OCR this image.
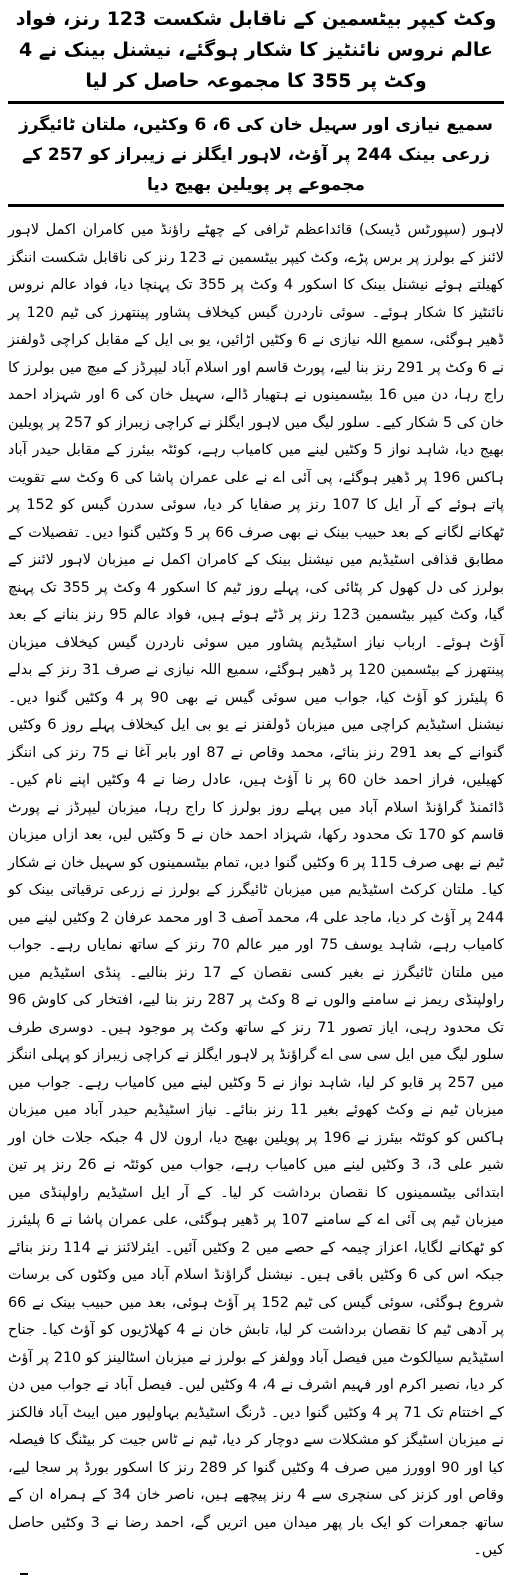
وکٹ کیپر بیٹسمین کے ناقابل شکست 123 رنز، فواد عالم نروس نائنٹیز کا شکار ہوگئے، نیشنل بینک نے 4 وکٹ پر 355 کا مجموعہ حاصل کر لیا
سمیع نیازی اور سہیل خان کی 6، 6 وکٹیں، ملتان ٹائیگرز زرعی بینک 244 پر آؤٹ، لاہور ایگلز نے زیبراز کو 257 کے مجموعے پر پویلین بھیج دیا

لاہور (سپورٹس ڈیسک) قائداعظم ٹرافی کے چھٹے راؤنڈ میں کامران اکمل لاہور لائنز کے بولرز پر برس پڑے، وکٹ کیپر بیٹسمین نے 123 رنز کی ناقابل شکست اننگز کھیلتے ہوئے نیشنل بینک کا اسکور 4 وکٹ پر 355 تک پہنچا دیا، فواد عالم نروس نائنٹیز کا شکار ہوئے۔ سوئی ناردرن گیس کیخلاف پشاور پینتھرز کی ٹیم 120 پر ڈھیر ہوگئی، سمیع اللہ نیازی نے 6 وکٹیں اڑائیں، یو بی ایل کے مقابل کراچی ڈولفنز نے 6 وکٹ پر 291 رنز بنا لیے، پورٹ قاسم اور اسلام آباد لیپرڈز کے میچ میں بولرز کا راج رہا، دن میں 16 بیٹسمینوں نے ہتھیار ڈالے، سہیل خان کی 6 اور شہزاد احمد خان کی 5 شکار کیے۔ سلور لیگ میں لاہور ایگلز نے کراچی زیبراز کو 257 پر پویلین بھیج دیا، شاہد نواز 5 وکٹیں لینے میں کامیاب رہے، کوئٹہ بیئرز کے مقابل حیدر آباد ہاکس 196 پر ڈھیر ہوگئے، پی آئی اے نے علی عمران پاشا کی 6 وکٹ سے تقویت پاتے ہوئے کے آر ایل کا 107 رنز پر صفایا کر دیا، سوئی سدرن گیس کو 152 پر ٹھکانے لگانے کے بعد حبیب بینک نے بھی صرف 66 پر 5 وکٹیں گنوا دیں۔ تفصیلات کے مطابق قذافی اسٹیڈیم میں نیشنل بینک کے کامران اکمل نے میزبان لاہور لائنز کے بولرز کی دل کھول کر پٹائی کی، پہلے روز ٹیم کا اسکور 4 وکٹ پر 355 تک پہنچ گیا، وکٹ کیپر بیٹسمین 123 رنز پر ڈٹے ہوئے ہیں، فواد عالم 95 رنز بنانے کے بعد آؤٹ ہوئے۔ ارباب نیاز اسٹیڈیم پشاور میں سوئی ناردرن گیس کیخلاف میزبان پینتھرز کے بیٹسمین 120 پر ڈھیر ہوگئے، سمیع اللہ نیازی نے صرف 31 رنز کے بدلے 6 پلیئرز کو آؤٹ کیا، جواب میں سوئی گیس نے بھی 90 پر 4 وکٹیں گنوا دیں۔ نیشنل اسٹیڈیم کراچی میں میزبان ڈولفنز نے یو بی ایل کیخلاف پہلے روز 6 وکٹیں گنوانے کے بعد 291 رنز بنائے، محمد وقاص نے 87 اور بابر آغا نے 75 رنز کی اننگز کھیلیں، فراز احمد خان 60 پر نا آؤٹ ہیں، عادل رضا نے 4 وکٹیں اپنے نام کیں۔ ڈائمنڈ گراؤنڈ اسلام آباد میں پہلے روز بولرز کا راج رہا، میزبان لیپرڈز نے پورٹ قاسم کو 170 تک محدود رکھا، شہزاد احمد خان نے 5 وکٹیں لیں، بعد ازاں میزبان ٹیم نے بھی صرف 115 پر 6 وکٹیں گنوا دیں، تمام بیٹسمینوں کو سہیل خان نے شکار کیا۔ ملتان کرکٹ اسٹیڈیم میں میزبان ٹائیگرز کے بولرز نے زرعی ترقیاتی بینک کو 244 پر آؤٹ کر دیا، ماجد علی 4، محمد آصف 3 اور محمد عرفان 2 وکٹیں لینے میں کامیاب رہے، شاہد یوسف 75 اور میر عالم 70 رنز کے ساتھ نمایاں رہے۔ جواب میں ملتان ٹائیگرز نے بغیر کسی نقصان کے 17 رنز بنالیے۔ پنڈی اسٹیڈیم میں راولپنڈی ریمز نے سامنے والوں نے 8 وکٹ پر 287 رنز بنا لیے، افتخار کی کاوش 96 تک محدود رہی، ایاز تصور 71 رنز کے ساتھ وکٹ پر موجود ہیں۔ دوسری طرف سلور لیگ میں ایل سی سی اے گراؤنڈ پر لاہور ایگلز نے کراچی زیبراز کو پہلی اننگز میں 257 پر قابو کر لیا، شاہد نواز نے 5 وکٹیں لینے میں کامیاب رہے۔ جواب میں میزبان ٹیم نے وکٹ کھوئے بغیر 11 رنز بنائے۔ نیاز اسٹیڈیم حیدر آباد میں میزبان ہاکس کو کوئٹہ بیئرز نے 196 پر پویلین بھیج دیا، ارون لال 4 جبکہ جلات خان اور شیر علی 3، 3 وکٹیں لینے میں کامیاب رہے، جواب میں کوئٹہ نے 26 رنز پر تین ابتدائی بیٹسمینوں کا نقصان برداشت کر لیا۔ کے آر ایل اسٹیڈیم راولپنڈی میں میزبان ٹیم پی آئی اے کے سامنے 107 پر ڈھیر ہوگئی، علی عمران پاشا نے 6 پلیئرز کو ٹھکانے لگایا، اعزاز چیمہ کے حصے میں 2 وکٹیں آئیں۔ ایئرلائنز نے 114 رنز بنائے جبکہ اس کی 6 وکٹیں باقی ہیں۔ نیشنل گراؤنڈ اسلام آباد میں وکٹوں کی برسات شروع ہوگئی، سوئی گیس کی ٹیم 152 پر آؤٹ ہوئی، بعد میں حبیب بینک نے 66 پر آدھی ٹیم کا نقصان برداشت کر لیا، تابش خان نے 4 کھلاڑیوں کو آؤٹ کیا۔ جناح اسٹیڈیم سیالکوٹ میں فیصل آباد وولفز کے بولرز نے میزبان اسٹالینز کو 210 پر آؤٹ کر دیا، نصیر اکرم اور فہیم اشرف نے 4، 4 وکٹیں لیں۔ فیصل آباد نے جواب میں دن کے اختتام تک 71 پر 4 وکٹیں گنوا دیں۔ ڈرنگ اسٹیڈیم بہاولپور میں ایبٹ آباد فالکنز نے میزبان اسٹیگز کو مشکلات سے دوچار کر دیا، ٹیم نے ٹاس جیت کر بیٹنگ کا فیصلہ کیا اور 90 اوورز میں صرف 4 وکٹیں گنوا کر 289 رنز کا اسکور بورڈ پر سجا لیے، وقاص اور کزنز کی سنچری سے 4 رنز پیچھے ہیں، ناصر خان 34 کے ہمراہ ان کے ساتھ جمعرات کو ایک بار پھر میدان میں اتریں گے، احمد رضا نے 3 وکٹیں حاصل کیں۔
